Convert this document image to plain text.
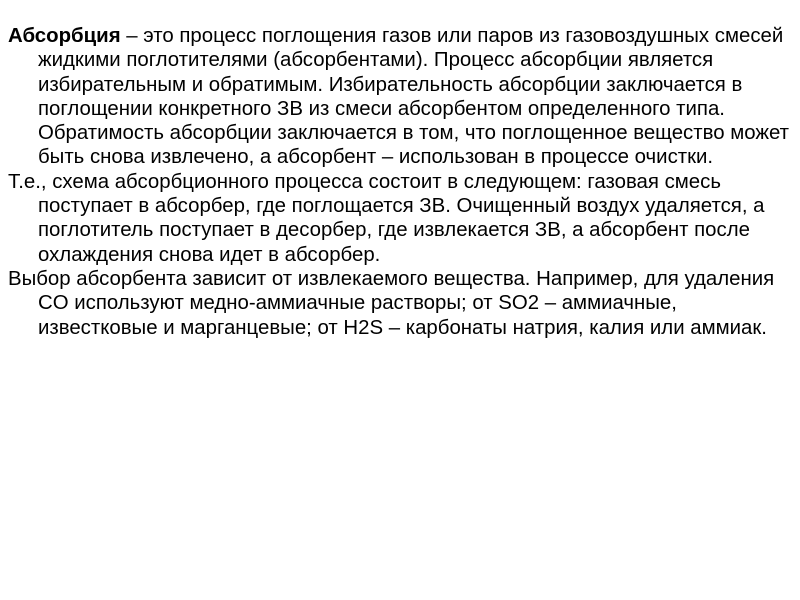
Абсорбция – это процесс поглощения газов или паров из газовоздушных смесей жидкими поглотителями (абсорбентами). Процесс абсорбции является избирательным и обратимым. Избирательность абсорбции заключается в поглощении конкретного ЗВ из смеси абсорбентом определенного типа. Обратимость абсорбции заключается в том, что поглощенное вещество может быть снова извлечено, а абсорбент – использован в процессе очистки.

Т.е., схема абсорбционного процесса состоит в следующем: газовая смесь поступает в абсорбер, где поглощается ЗВ. Очищенный воздух удаляется, а поглотитель поступает в десорбер, где извлекается ЗВ, а абсорбент после охлаждения снова идет в абсорбер.

Выбор абсорбента зависит от извлекаемого вещества. Например, для удаления CO используют медно-аммиачные растворы; от SO2 – аммиачные, известковые и марганцевые; от H2S – карбонаты натрия, калия или аммиак.
